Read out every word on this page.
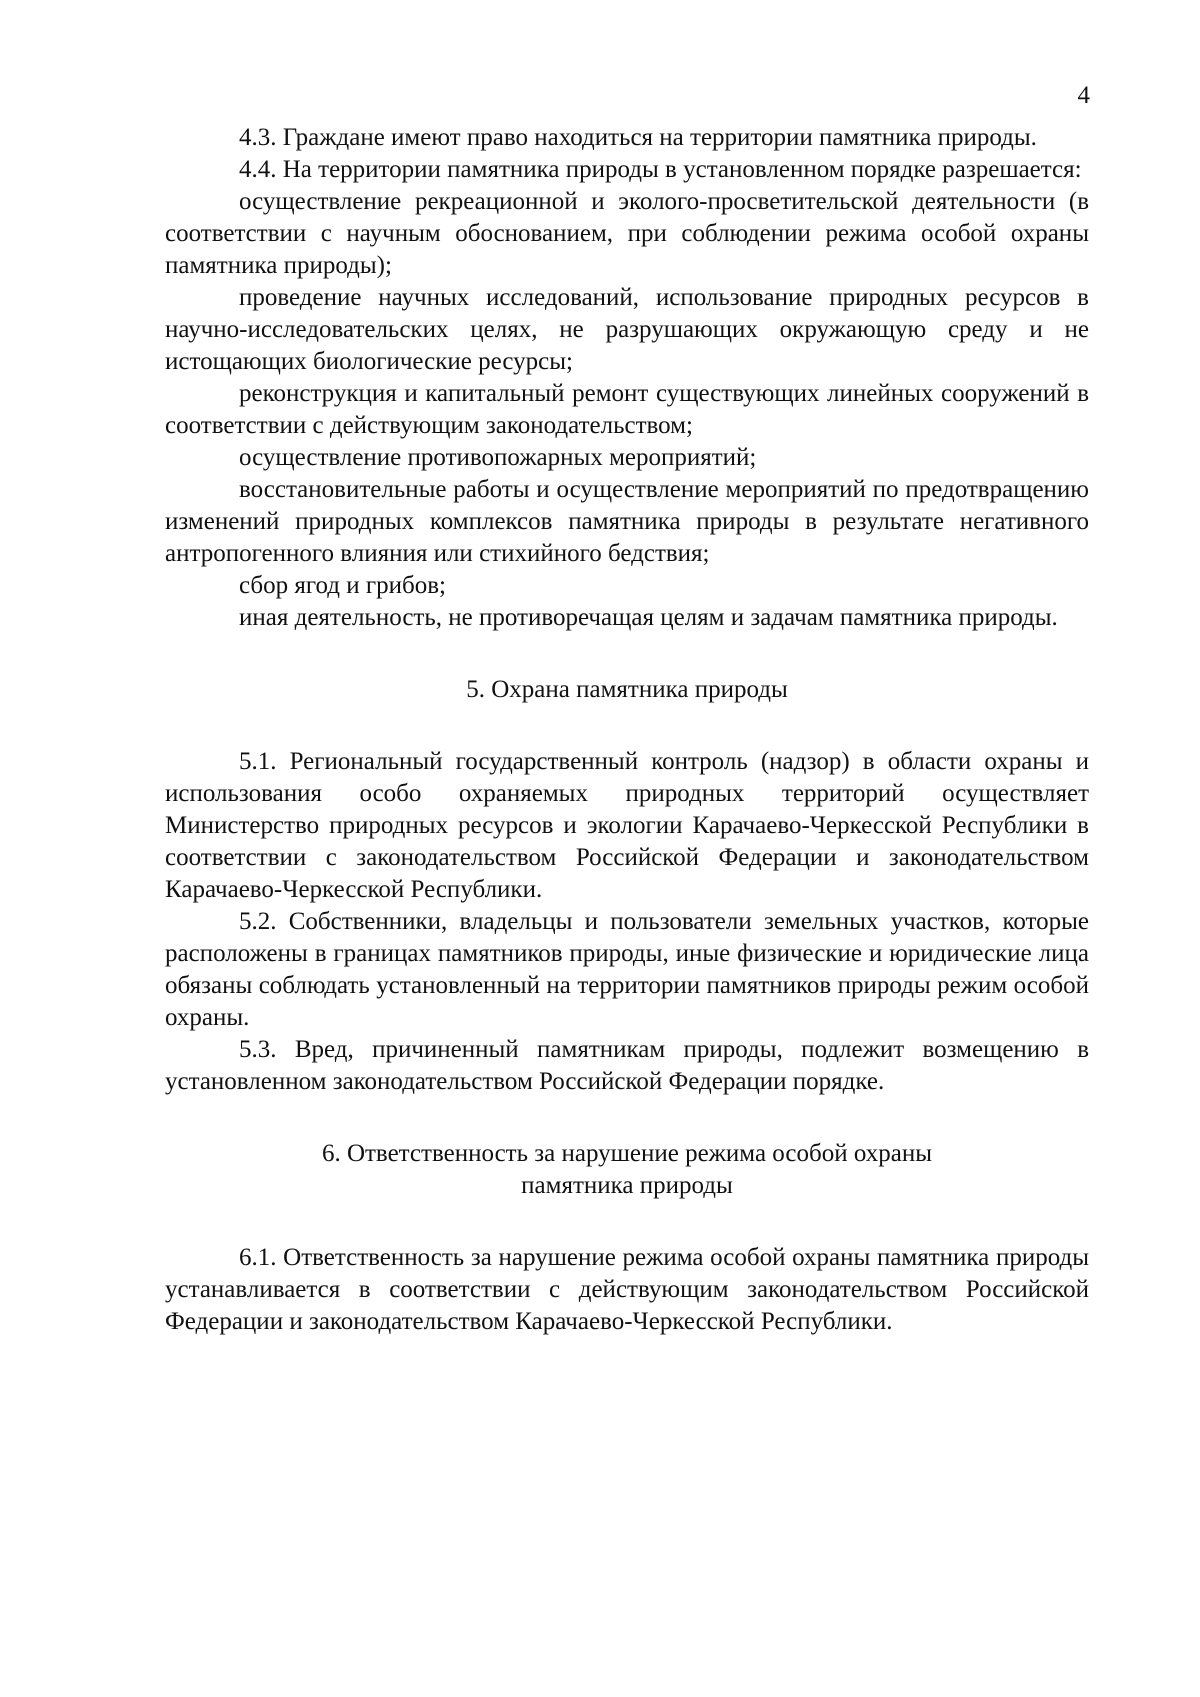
4

4.3. Граждане имеют право находиться на территории памятника природы.

4.4. На территории памятника природы в установленном порядке разрешается:

осуществление рекреационной и эколого-просветительской деятельности (в соответствии с научным обоснованием, при соблюдении режима особой охраны памятника природы);

проведение научных исследований, использование природных ресурсов в научно-исследовательских целях, не разрушающих окружающую среду и не истощающих биологические ресурсы;

реконструкция и капитальный ремонт существующих линейных сооружений в соответствии с действующим законодательством;

осуществление противопожарных мероприятий;

восстановительные работы и осуществление мероприятий по предотвращению изменений природных комплексов памятника природы в результате негативного антропогенного влияния или стихийного бедствия;

сбор ягод и грибов;

иная деятельность, не противоречащая целям и задачам памятника природы.

5. Охрана памятника природы

5.1. Региональный государственный контроль (надзор) в области охраны и использования особо охраняемых природных территорий осуществляет Министерство природных ресурсов и экологии Карачаево-Черкесской Республики в соответствии с законодательством Российской Федерации и законодательством Карачаево-Черкесской Республики.

5.2. Собственники, владельцы и пользователи земельных участков, которые расположены в границах памятников природы, иные физические и юридические лица обязаны соблюдать установленный на территории памятников природы режим особой охраны.

5.3. Вред, причиненный памятникам природы, подлежит возмещению в установленном законодательством Российской Федерации порядке.

6. Ответственность за нарушение режима особой охраны
памятника природы

6.1. Ответственность за нарушение режима особой охраны памятника природы устанавливается в соответствии с действующим законодательством Российской Федерации и законодательством Карачаево-Черкесской Республики.
